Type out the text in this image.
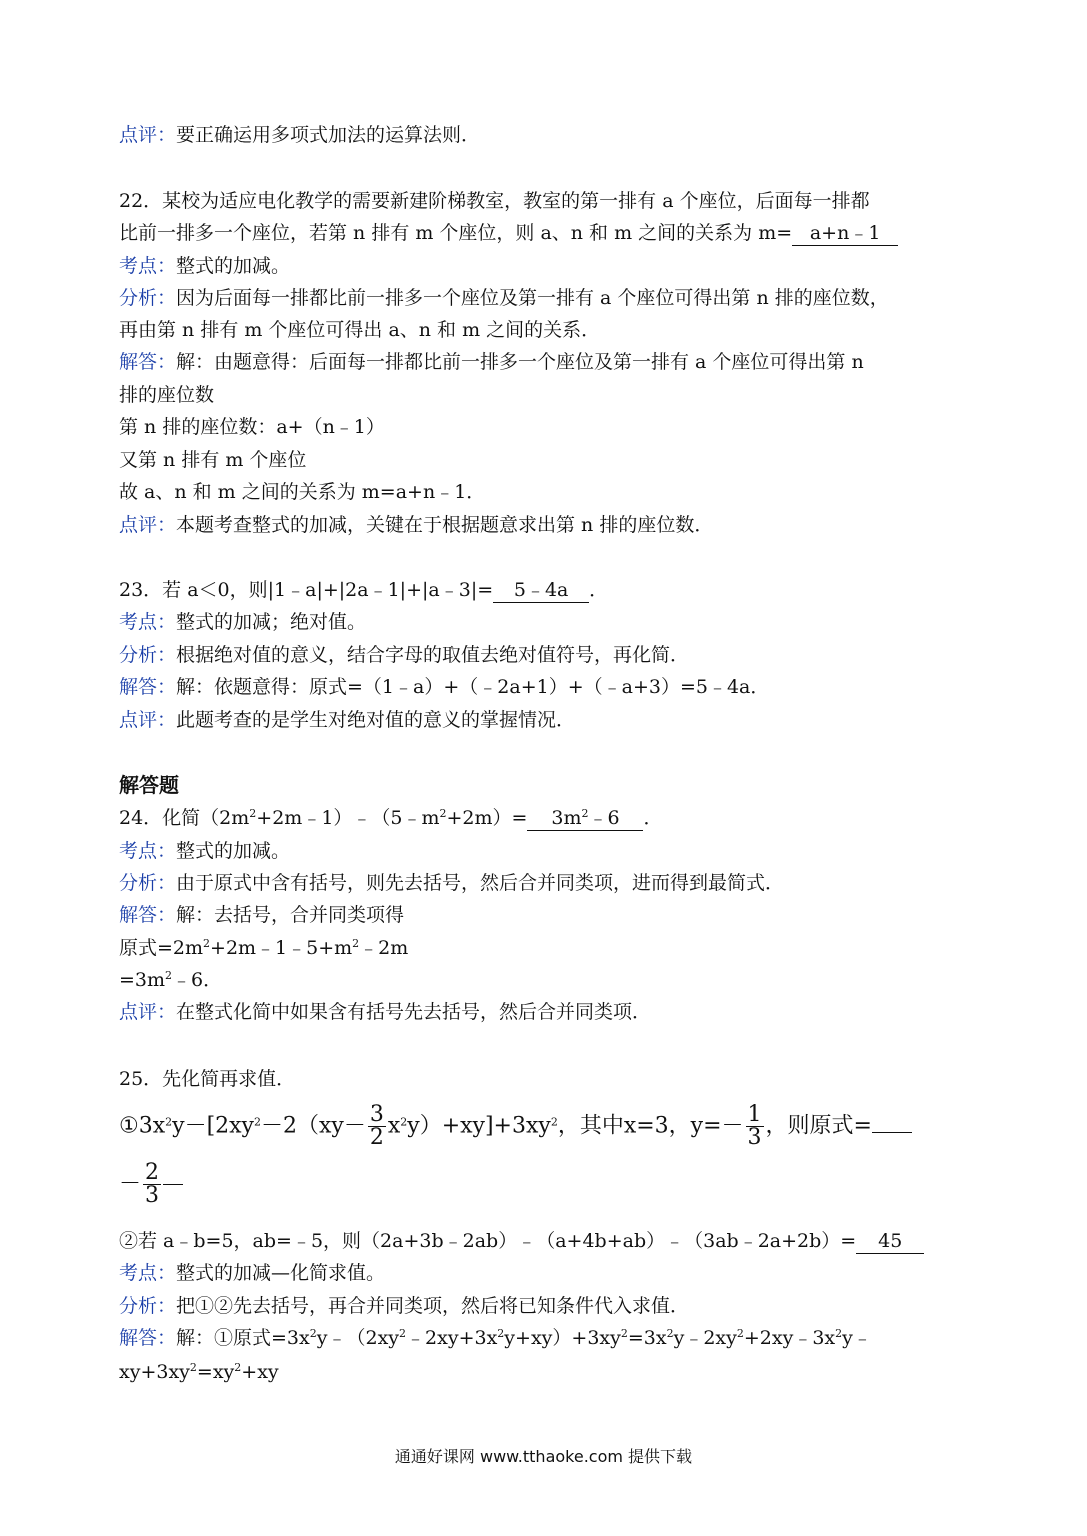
点评：要正确运用多项式加法的运算法则．
22．某校为适应电化教学的需要新建阶梯教室，教室的第一排有 a 个座位，后面每一排都
比前一排多一个座位，若第 n 排有 m 个座位，则 a、n 和 m 之间的关系为 m= a+n﹣1
考点：整式的加减。
分析：因为后面每一排都比前一排多一个座位及第一排有 a 个座位可得出第 n 排的座位数，
再由第 n 排有 m 个座位可得出 a、n 和 m 之间的关系．
解答：解：由题意得：后面每一排都比前一排多一个座位及第一排有 a 个座位可得出第 n
排的座位数
第 n 排的座位数：a+（n﹣1）
又第 n 排有 m 个座位
故 a、n 和 m 之间的关系为 m=a+n﹣1．
点评：本题考查整式的加减，关键在于根据题意求出第 n 排的座位数．
23．若 a＜0，则|1﹣a|+|2a﹣1|+|a﹣3|= 5﹣4a ．
考点：整式的加减；绝对值。
分析：根据绝对值的意义，结合字母的取值去绝对值符号，再化简．
解答：解：依题意得：原式=（1﹣a）+（﹣2a+1）+（﹣a+3）=5﹣4a．
点评：此题考查的是学生对绝对值的意义的掌握情况．
解答题
24．化简$(2m^2+2m﹣1)﹣(5﹣m^2+2m)=$ $3m^2﹣6$ ．
考点：整式的加减。
分析：由于原式中含有括号，则先去括号，然后合并同类项，进而得到最简式．
解答：解：去括号，合并同类项得
原式$=2m^2+2m﹣1﹣5+m^2﹣2m$
$=3m^2﹣6$．
点评：在整式化简中如果含有括号先去括号，然后合并同类项．
25．先化简再求值．
$①3x^2y-[2xy^2-2(xy- \frac{3}{2} x^2y)+xy]+3xy^2$，其中x=3，$y=- \frac{1}{3}$ ，则原式=
－ $\frac{2}{3}$
②若 a﹣b=5，ab=﹣5，则（2a+3b﹣2ab）﹣（a+4b+ab）﹣（3ab﹣2a+2b）= 45
考点：整式的加减—化简求值。
分析：把①②先去括号，再合并同类项，然后将已知条件代入求值．
解答：解：①原式$=3x^2y﹣(2xy^2﹣2xy+3x^2y+xy)+3xy^2=3x^2y﹣2xy^2+2xy﹣3x^2y﹣$
$xy+3xy^2=xy^2+xy$
通通好课网 www.tthaoke.com 提供下载
